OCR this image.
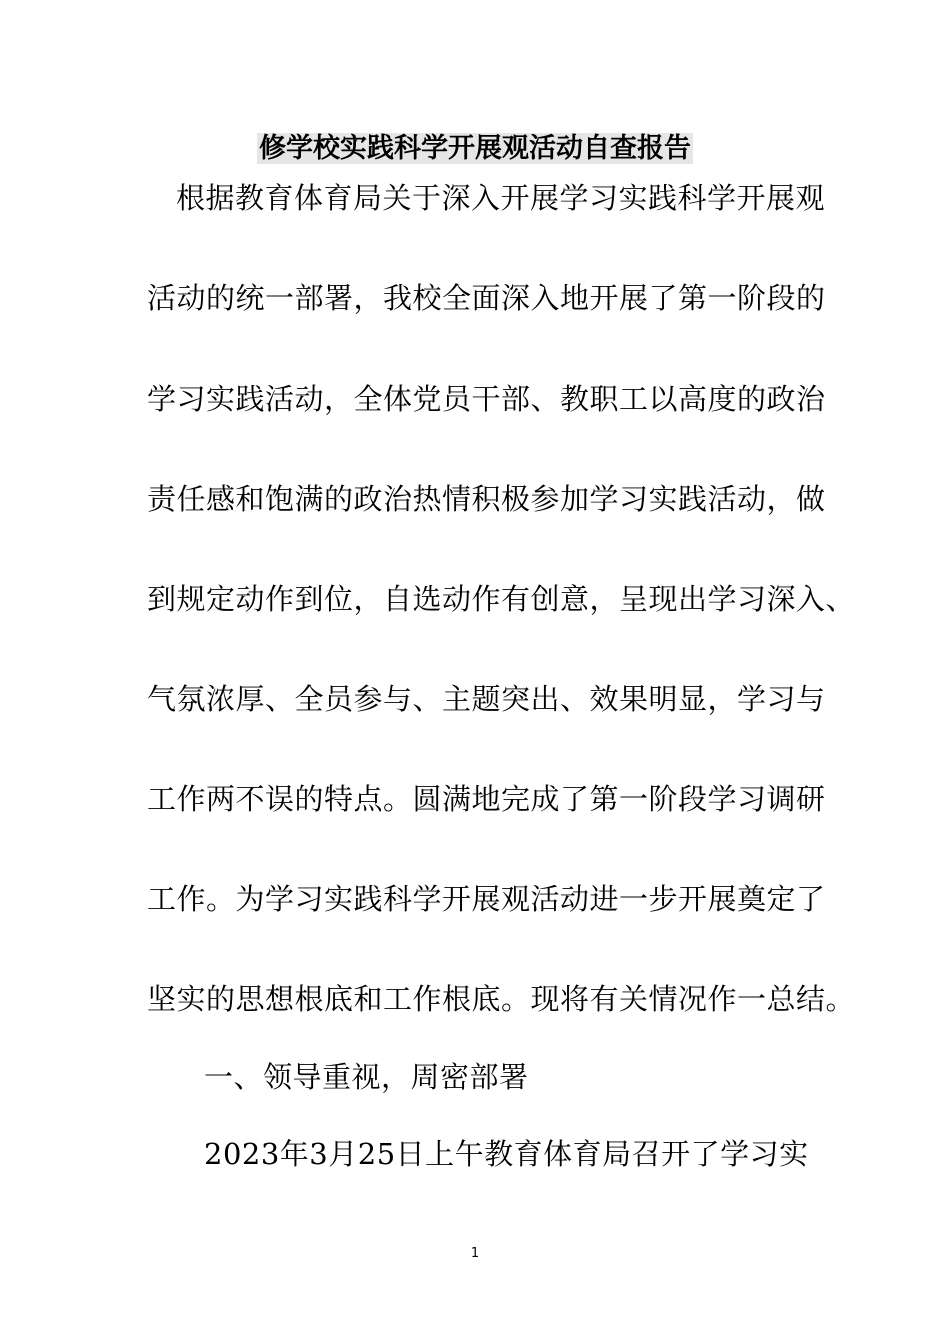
修学校实践科学开展观活动自查报告
根据教育体育局关于深入开展学习实践科学开展观
活动的统一部署，我校全面深入地开展了第一阶段的
学习实践活动，全体党员干部、教职工以高度的政治
责任感和饱满的政治热情积极参加学习实践活动，做
到规定动作到位，自选动作有创意，呈现出学习深入、
气氛浓厚、全员参与、主题突出、效果明显，学习与
工作两不误的特点。圆满地完成了第一阶段学习调研
工作。为学习实践科学开展观活动进一步开展奠定了
坚实的思想根底和工作根底。现将有关情况作一总结。
一、领导重视，周密部署
2023年3月25日上午教育体育局召开了学习实
1
